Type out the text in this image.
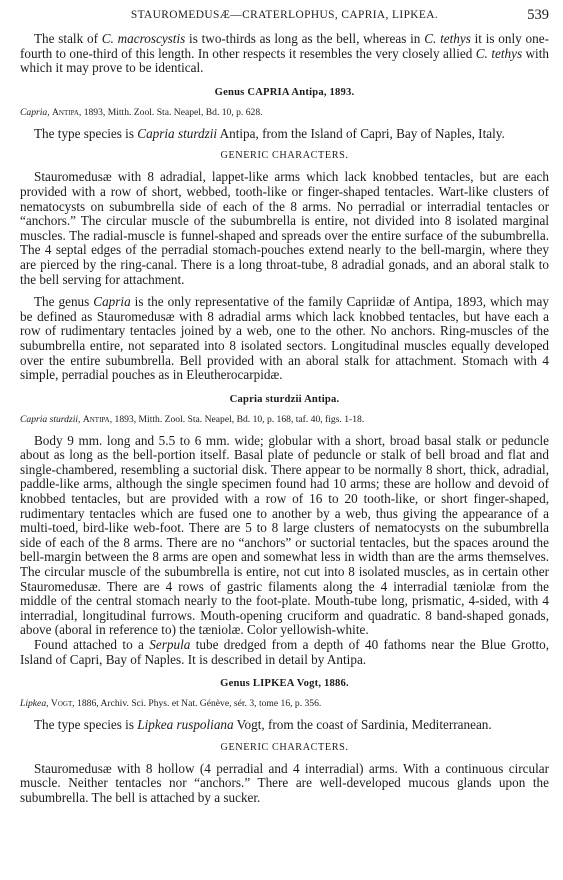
STAUROMEDUSÆ—CRATERLOPHUS, CAPRIA, LIPKEA.	539

The stalk of C. macroscystis is two-thirds as long as the bell, whereas in C. tethys it is only one-fourth to one-third of this length. In other respects it resembles the very closely allied C. tethys with which it may prove to be identical.

Genus CAPRIA Antipa, 1893.

Capria, Antipa, 1893, Mitth. Zool. Sta. Neapel, Bd. 10, p. 628.

The type species is Capria sturdzii Antipa, from the Island of Capri, Bay of Naples, Italy.

GENERIC CHARACTERS.

Stauromedusæ with 8 adradial, lappet-like arms which lack knobbed tentacles, but are each provided with a row of short, webbed, tooth-like or finger-shaped tentacles. Wart-like clusters of nematocysts on subumbrella side of each of the 8 arms. No perradial or interradial tentacles or “anchors.” The circular muscle of the subumbrella is entire, not divided into 8 isolated marginal muscles. The radial-muscle is funnel-shaped and spreads over the entire surface of the subumbrella. The 4 septal edges of the perradial stomach-pouches extend nearly to the bell-margin, where they are pierced by the ring-canal. There is a long throat-tube, 8 adradial gonads, and an aboral stalk to the bell serving for attachment.

The genus Capria is the only representative of the family Capriidæ of Antipa, 1893, which may be defined as Stauromedusæ with 8 adradial arms which lack knobbed tentacles, but have each a row of rudimentary tentacles joined by a web, one to the other. No anchors. Ring-muscles of the subumbrella entire, not separated into 8 isolated sectors. Longitudinal muscles equally developed over the entire subumbrella. Bell provided with an aboral stalk for attachment. Stomach with 4 simple, perradial pouches as in Eleutherocarpidæ.

Capria sturdzii Antipa.

Capria sturdzii, Antipa, 1893, Mitth. Zool. Sta. Neapel, Bd. 10, p. 168, taf. 40, figs. 1-18.

Body 9 mm. long and 5.5 to 6 mm. wide; globular with a short, broad basal stalk or peduncle about as long as the bell-portion itself. Basal plate of peduncle or stalk of bell broad and flat and single-chambered, resembling a suctorial disk. There appear to be normally 8 short, thick, adradial, paddle-like arms, although the single specimen found had 10 arms; these are hollow and devoid of knobbed tentacles, but are provided with a row of 16 to 20 tooth-like, or short finger-shaped, rudimentary tentacles which are fused one to another by a web, thus giving the appearance of a multi-toed, bird-like web-foot. There are 5 to 8 large clusters of nematocysts on the subumbrella side of each of the 8 arms. There are no “anchors” or suctorial tentacles, but the spaces around the bell-margin between the 8 arms are open and somewhat less in width than are the arms themselves. The circular muscle of the subumbrella is entire, not cut into 8 isolated muscles, as in certain other Stauromedusæ. There are 4 rows of gastric filaments along the 4 interradial tæniolæ from the middle of the central stomach nearly to the foot-plate. Mouth-tube long, prismatic, 4-sided, with 4 interradial, longitudinal furrows. Mouth-opening cruciform and quadratic. 8 band-shaped gonads, above (aboral in reference to) the tæniolæ. Color yellowish-white.

Found attached to a Serpula tube dredged from a depth of 40 fathoms near the Blue Grotto, Island of Capri, Bay of Naples. It is described in detail by Antipa.

Genus LIPKEA Vogt, 1886.

Lipkea, Vogt, 1886, Archiv. Sci. Phys. et Nat. Génève, sér. 3, tome 16, p. 356.

The type species is Lipkea ruspoliana Vogt, from the coast of Sardinia, Mediterranean.

GENERIC CHARACTERS.

Stauromedusæ with 8 hollow (4 perradial and 4 interradial) arms. With a continuous circular muscle. Neither tentacles nor “anchors.” There are well-developed mucous glands upon the subumbrella. The bell is attached by a sucker.
